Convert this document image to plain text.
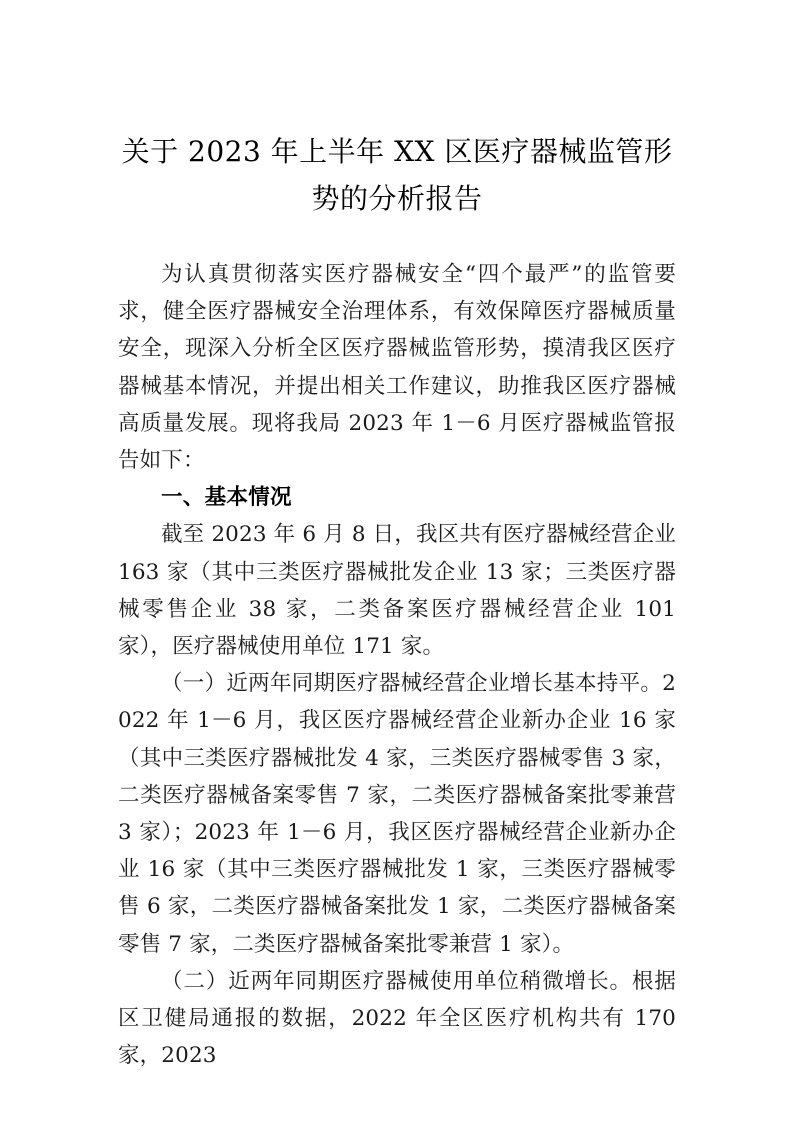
关于 2023 年上半年 XX 区医疗器械监管形势的分析报告

为认真贯彻落实医疗器械安全“四个最严”的监管要求，健全医疗器械安全治理体系，有效保障医疗器械质量安全，现深入分析全区医疗器械监管形势，摸清我区医疗器械基本情况，并提出相关工作建议，助推我区医疗器械高质量发展。现将我局 2023 年 1－6 月医疗器械监管报告如下：

一、基本情况

截至 2023 年 6 月 8 日，我区共有医疗器械经营企业 163 家（其中三类医疗器械批发企业 13 家；三类医疗器械零售企业 38 家，二类备案医疗器械经营企业 101 家），医疗器械使用单位 171 家。

（一）近两年同期医疗器械经营企业增长基本持平。2022 年 1－6 月，我区医疗器械经营企业新办企业 16 家（其中三类医疗器械批发 4 家，三类医疗器械零售 3 家，二类医疗器械备案零售 7 家，二类医疗器械备案批零兼营 3 家）；2023 年 1－6 月，我区医疗器械经营企业新办企业 16 家（其中三类医疗器械批发 1 家，三类医疗器械零售 6 家，二类医疗器械备案批发 1 家，二类医疗器械备案零售 7 家，二类医疗器械备案批零兼营 1 家）。

（二）近两年同期医疗器械使用单位稍微增长。根据区卫健局通报的数据，2022 年全区医疗机构共有 170 家，2023
